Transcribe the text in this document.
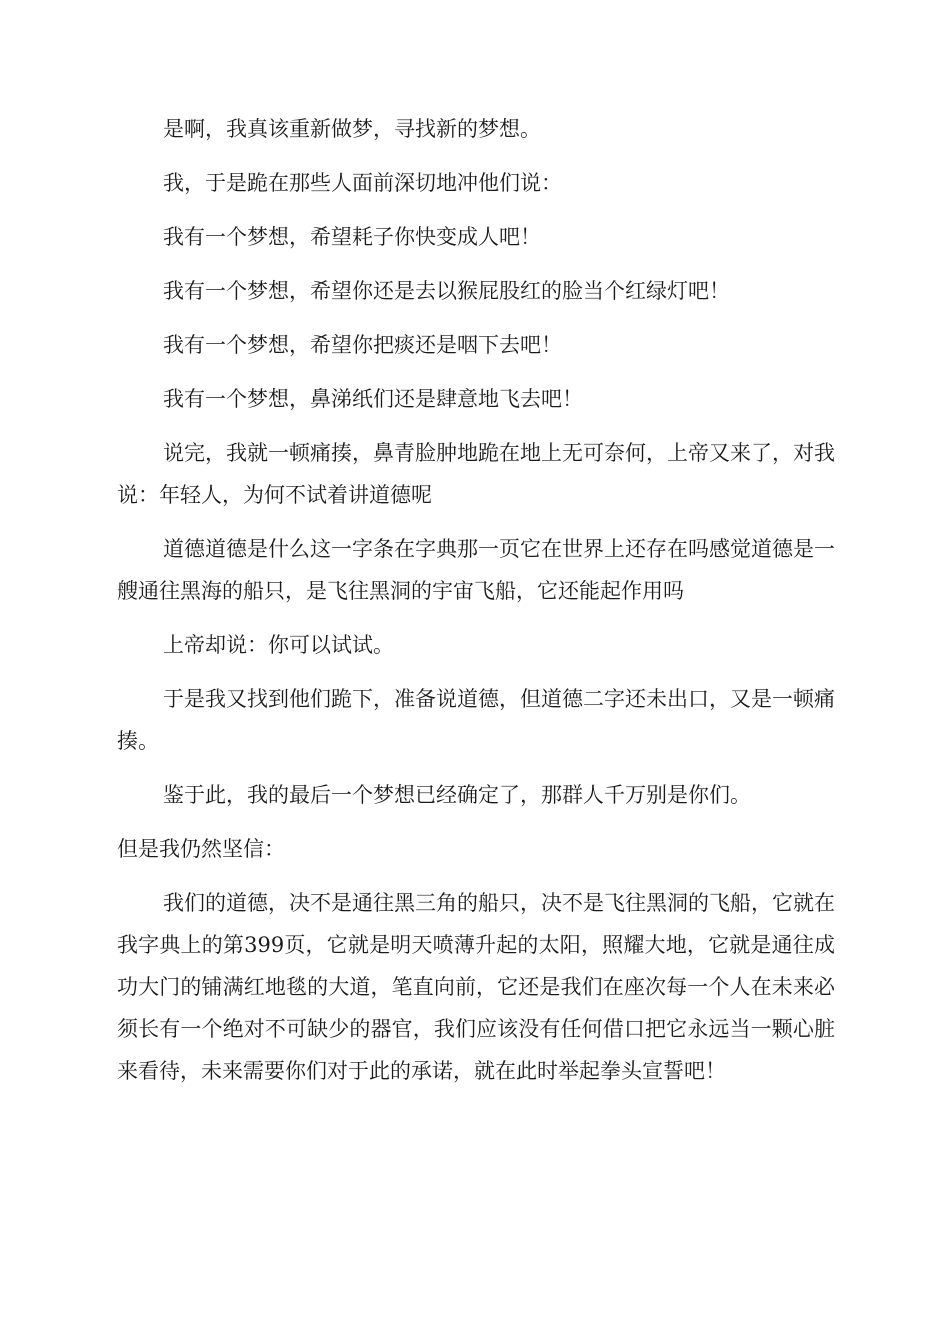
是啊，我真该重新做梦，寻找新的梦想。

我，于是跪在那些人面前深切地冲他们说：

我有一个梦想，希望耗子你快变成人吧！

我有一个梦想，希望你还是去以猴屁股红的脸当个红绿灯吧！

我有一个梦想，希望你把痰还是咽下去吧！

我有一个梦想，鼻涕纸们还是肆意地飞去吧！

说完，我就一顿痛揍，鼻青脸肿地跪在地上无可奈何，上帝又来了，对我说：年轻人，为何不试着讲道德呢

道德道德是什么这一字条在字典那一页它在世界上还存在吗感觉道德是一艘通往黑海的船只，是飞往黑洞的宇宙飞船，它还能起作用吗

上帝却说：你可以试试。

于是我又找到他们跪下，准备说道德，但道德二字还未出口，又是一顿痛揍。

鉴于此，我的最后一个梦想已经确定了，那群人千万别是你们。

但是我仍然坚信：

我们的道德，决不是通往黑三角的船只，决不是飞往黑洞的飞船，它就在我字典上的第399页，它就是明天喷薄升起的太阳，照耀大地，它就是通往成功大门的铺满红地毯的大道，笔直向前，它还是我们在座次每一个人在未来必须长有一个绝对不可缺少的器官，我们应该没有任何借口把它永远当一颗心脏来看待，未来需要你们对于此的承诺，就在此时举起拳头宣誓吧！
